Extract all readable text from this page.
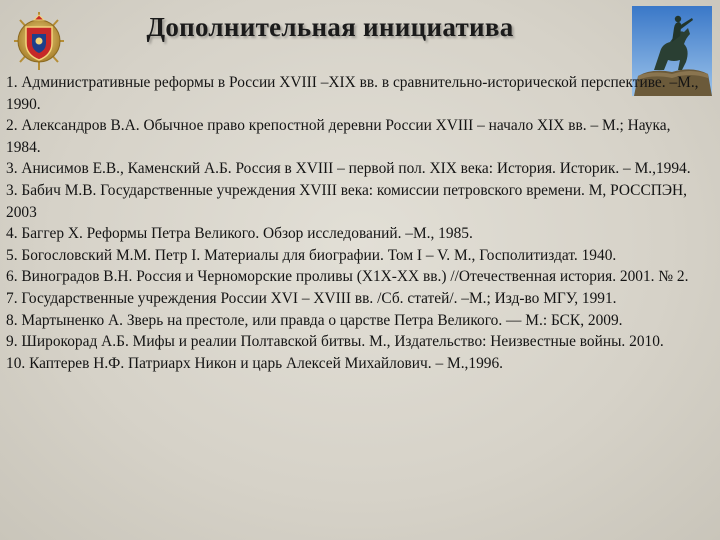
Дополнительная инициатива

1. Административные реформы в России XVIII –XIX вв. в сравнительно-исторической перспективе. –М., 1990.

2. Александров В.А. Обычное право крепостной деревни России XVIII – начало XIX вв. – М.; Наука, 1984.

3. Анисимов Е.В., Каменский А.Б. Россия в XVIII – первой пол. XIX века: История. Историк. – М.,1994.

3. Бабич М.В. Государственные учреждения XVIII века: комиссии петровского времени. М, РОССПЭН, 2003

4. Баггер Х. Реформы Петра Великого. Обзор исследований. –М., 1985.

5. Богословский М.М. Петр I. Материалы для биографии. Том I – V. М., Госполитиздат. 1940.

6. Виноградов В.Н. Россия и Черноморские проливы (X1X-XX вв.) //Отечественная история. 2001. № 2.

7. Государственные учреждения России XVI – XVIII вв. /Сб. статей/. –М.; Изд-во МГУ, 1991.

8. Мартыненко А. Зверь на престоле, или правда о царстве Петра Великого. — М.: БСК, 2009.

9. Широкорад А.Б. Мифы и реалии Полтавской битвы. М., Издательство: Неизвестные войны. 2010.

10. Каптерев Н.Ф. Патриарх Никон и царь Алексей Михайлович. – М.,1996.
